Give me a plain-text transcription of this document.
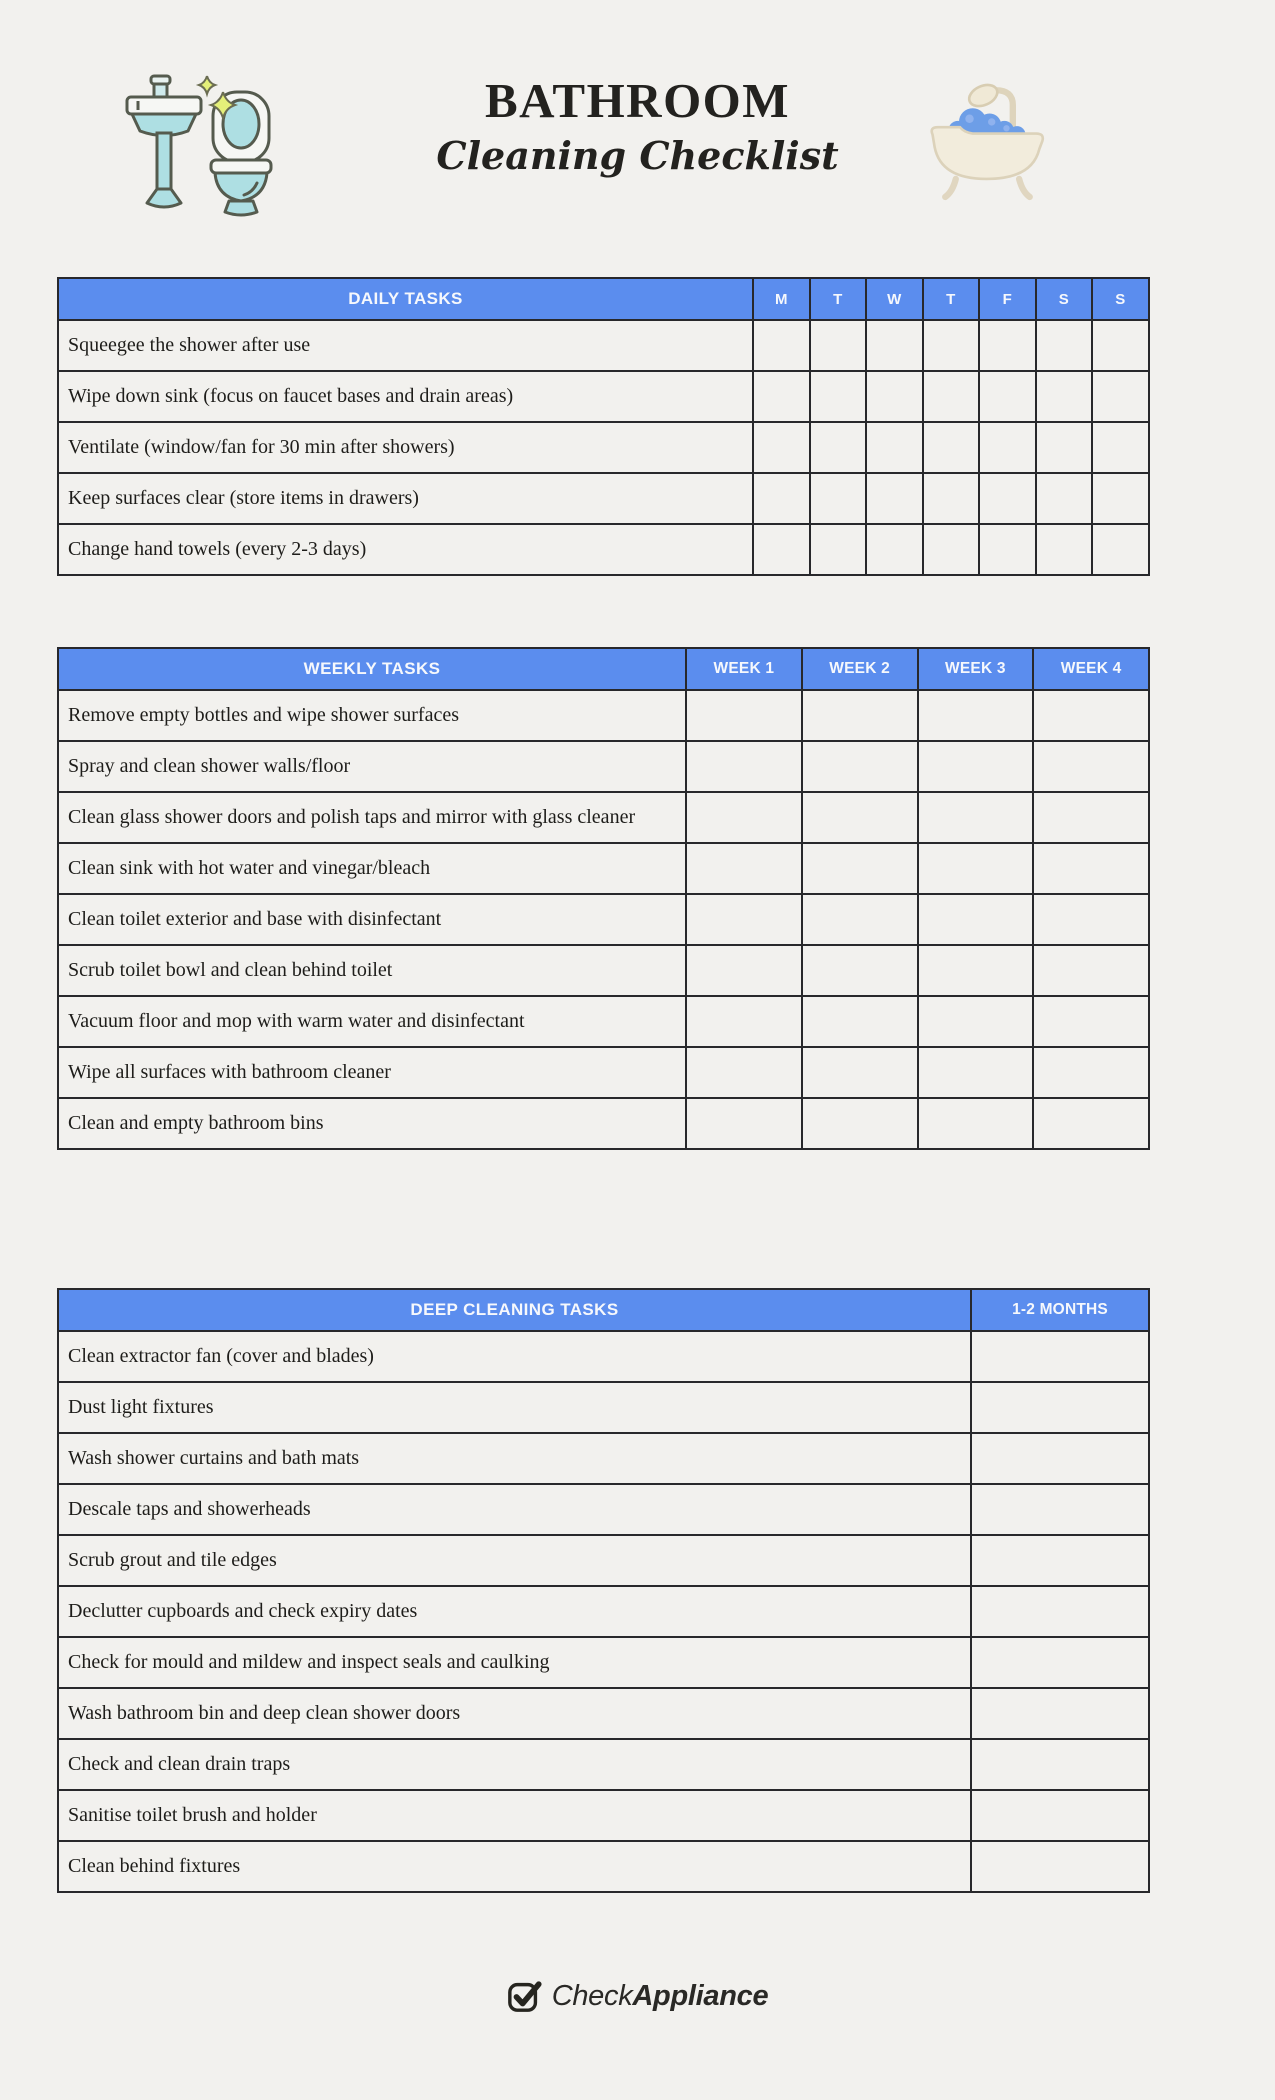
BATHROOM
Cleaning Checklist
DAILY TASKS	M	T	W	T	F	S	S
Squeegee the shower after use							
Wipe down sink (focus on faucet bases and drain areas)							
Ventilate (window/fan for 30 min after showers)							
Keep surfaces clear (store items in drawers)							
Change hand towels (every 2-3 days)							
WEEKLY TASKS	WEEK 1	WEEK 2	WEEK 3	WEEK 4
Remove empty bottles and wipe shower surfaces				
Spray and clean shower walls/floor				
Clean glass shower doors and polish taps and mirror with glass cleaner				
Clean sink with hot water and vinegar/bleach				
Clean toilet exterior and base with disinfectant				
Scrub toilet bowl and clean behind toilet				
Vacuum floor and mop with warm water and disinfectant				
Wipe all surfaces with bathroom cleaner				
Clean and empty bathroom bins				
DEEP CLEANING TASKS	1-2 MONTHS
Clean extractor fan (cover and blades)	
Dust light fixtures	
Wash shower curtains and bath mats	
Descale taps and showerheads	
Scrub grout and tile edges	
Declutter cupboards and check expiry dates	
Check for mould and mildew and inspect seals and caulking	
Wash bathroom bin and deep clean shower doors	
Check and clean drain traps	
Sanitise toilet brush and holder	
Clean behind fixtures	
CheckAppliance
